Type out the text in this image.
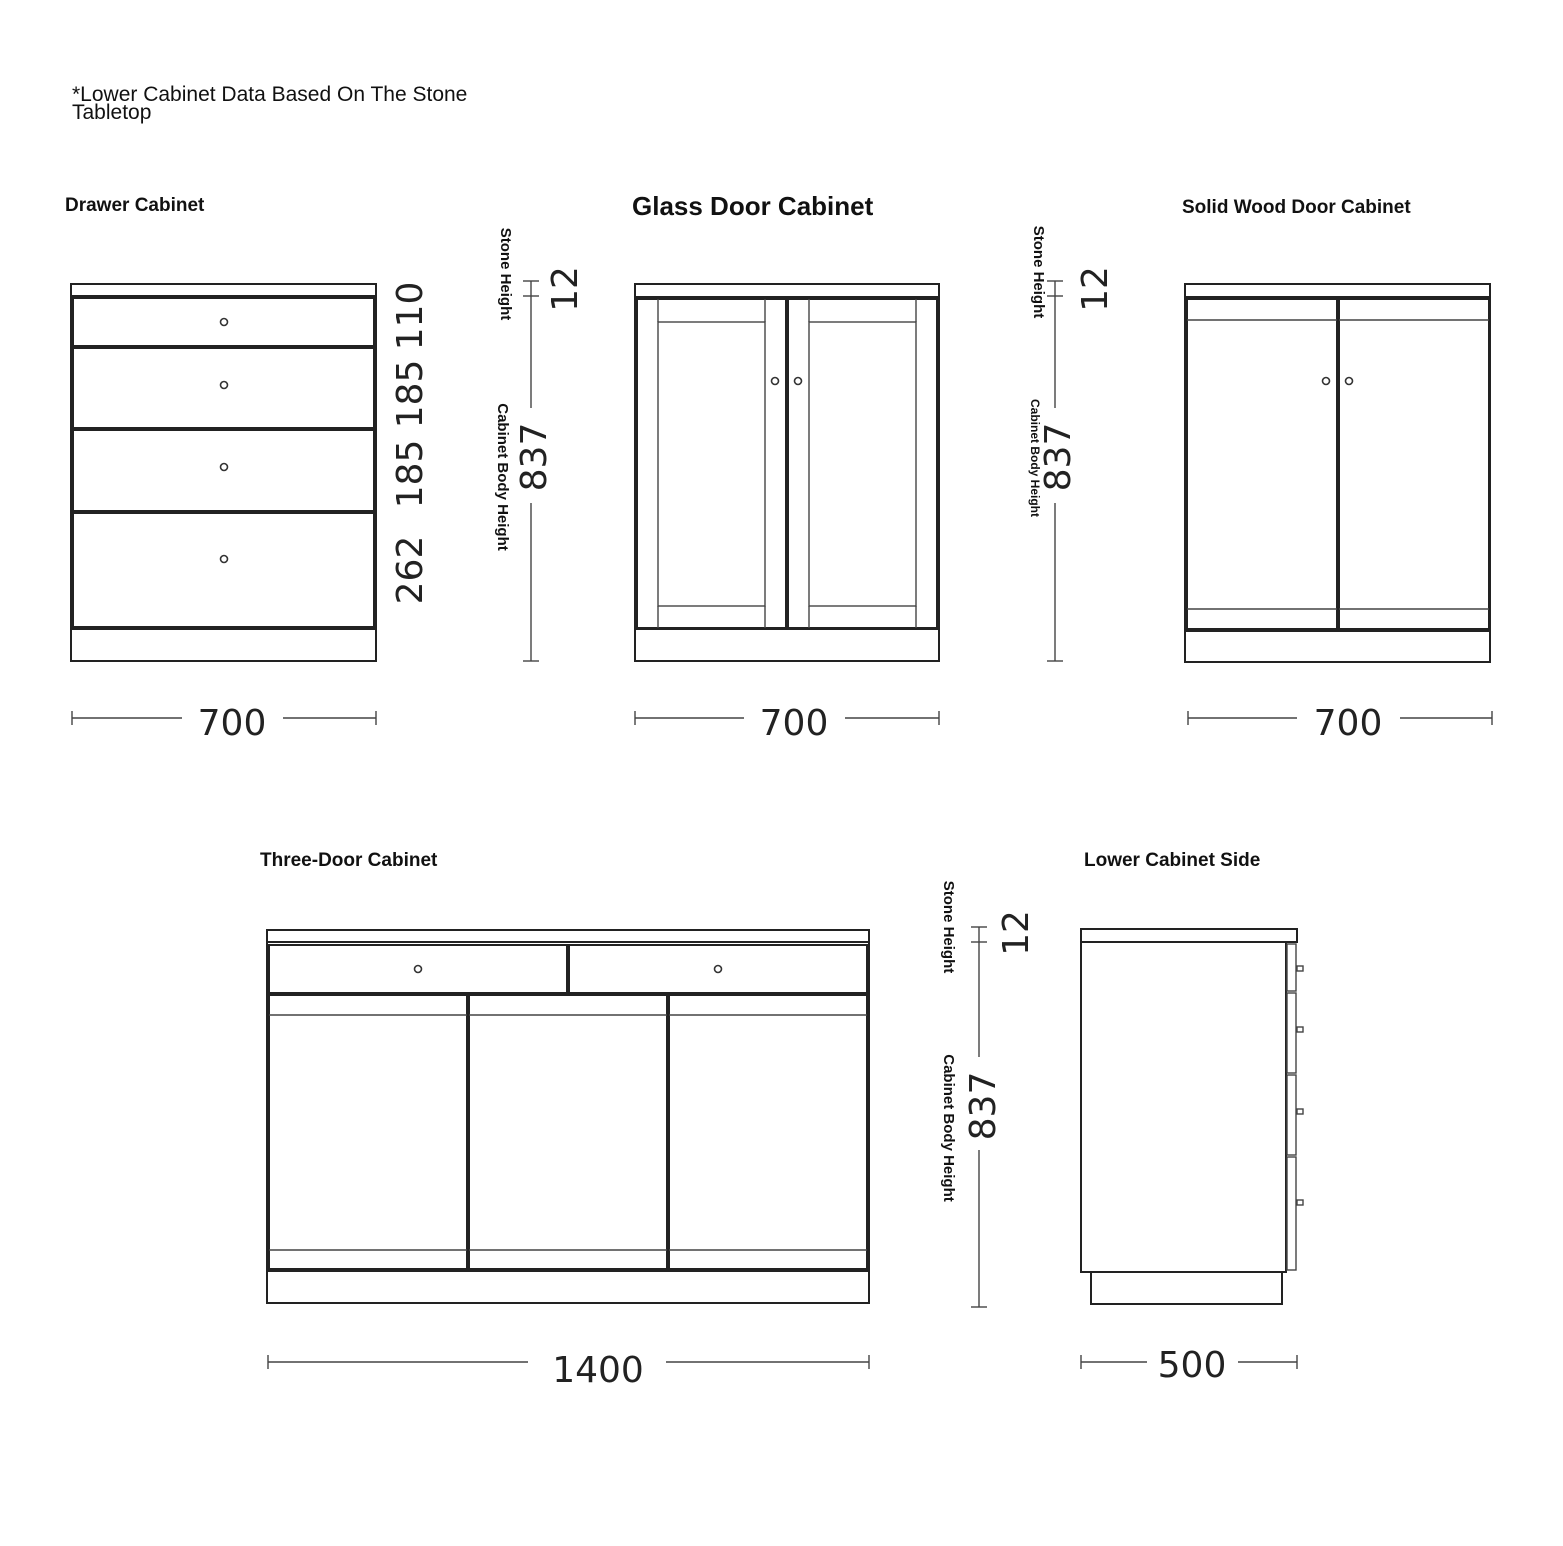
*Lower Cabinet Data Based On The Stone
Tabletop
Drawer Cabinet	Glass Door Cabinet	Solid Wood Door Cabinet
Three-Door Cabinet	Lower Cabinet Side
110
185
185
262
700
12
837
Stone Height
Cabinet Body Height
700
12
837
Stone Height
Cabinet Body Height
700
1400
12
837
Stone Height
Cabinet Body Height
500
